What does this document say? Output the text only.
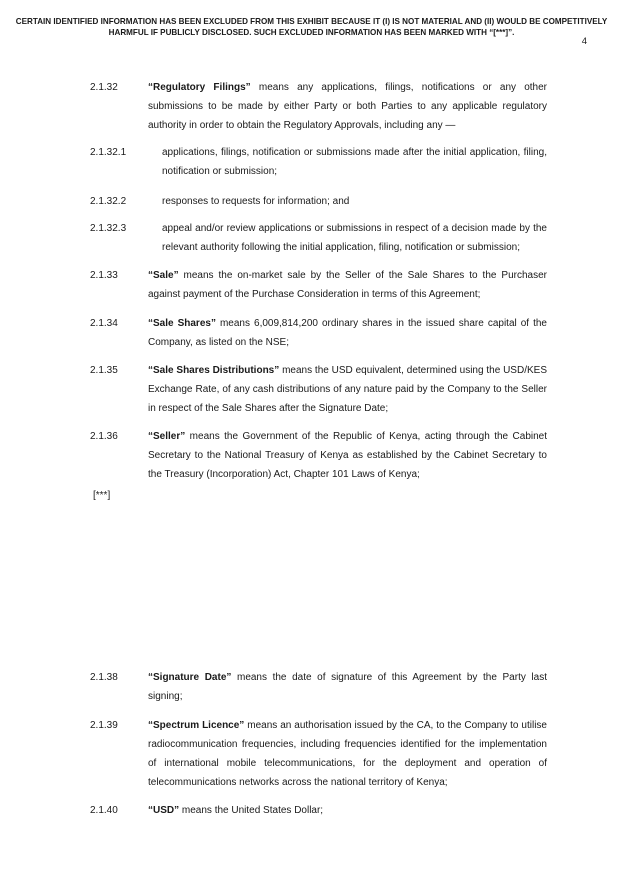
CERTAIN IDENTIFIED INFORMATION HAS BEEN EXCLUDED FROM THIS EXHIBIT BECAUSE IT (I) IS NOT MATERIAL AND (II) WOULD BE COMPETITIVELY HARMFUL IF PUBLICLY DISCLOSED. SUCH EXCLUDED INFORMATION HAS BEEN MARKED WITH “[***]”.
4
2.1.32	“Regulatory Filings” means any applications, filings, notifications or any other submissions to be made by either Party or both Parties to any applicable regulatory authority in order to obtain the Regulatory Approvals, including any —
2.1.32.1	applications, filings, notification or submissions made after the initial application, filing, notification or submission;
2.1.32.2	responses to requests for information; and
2.1.32.3	appeal and/or review applications or submissions in respect of a decision made by the relevant authority following the initial application, filing, notification or submission;
2.1.33	“Sale” means the on-market sale by the Seller of the Sale Shares to the Purchaser against payment of the Purchase Consideration in terms of this Agreement;
2.1.34	“Sale Shares” means 6,009,814,200 ordinary shares in the issued share capital of the Company, as listed on the NSE;
2.1.35	“Sale Shares Distributions” means the USD equivalent, determined using the USD/KES Exchange Rate, of any cash distributions of any nature paid by the Company to the Seller in respect of the Sale Shares after the Signature Date;
2.1.36	“Seller” means the Government of the Republic of Kenya, acting through the Cabinet Secretary to the National Treasury of Kenya as established by the Cabinet Secretary to the Treasury (Incorporation) Act, Chapter 101 Laws of Kenya;
[***]
2.1.38	“Signature Date” means the date of signature of this Agreement by the Party last signing;
2.1.39	“Spectrum Licence” means an authorisation issued by the CA, to the Company to utilise radiocommunication frequencies, including frequencies identified for the implementation of international mobile telecommunications, for the deployment and operation of telecommunications networks across the national territory of Kenya;
2.1.40	“USD” means the United States Dollar;
